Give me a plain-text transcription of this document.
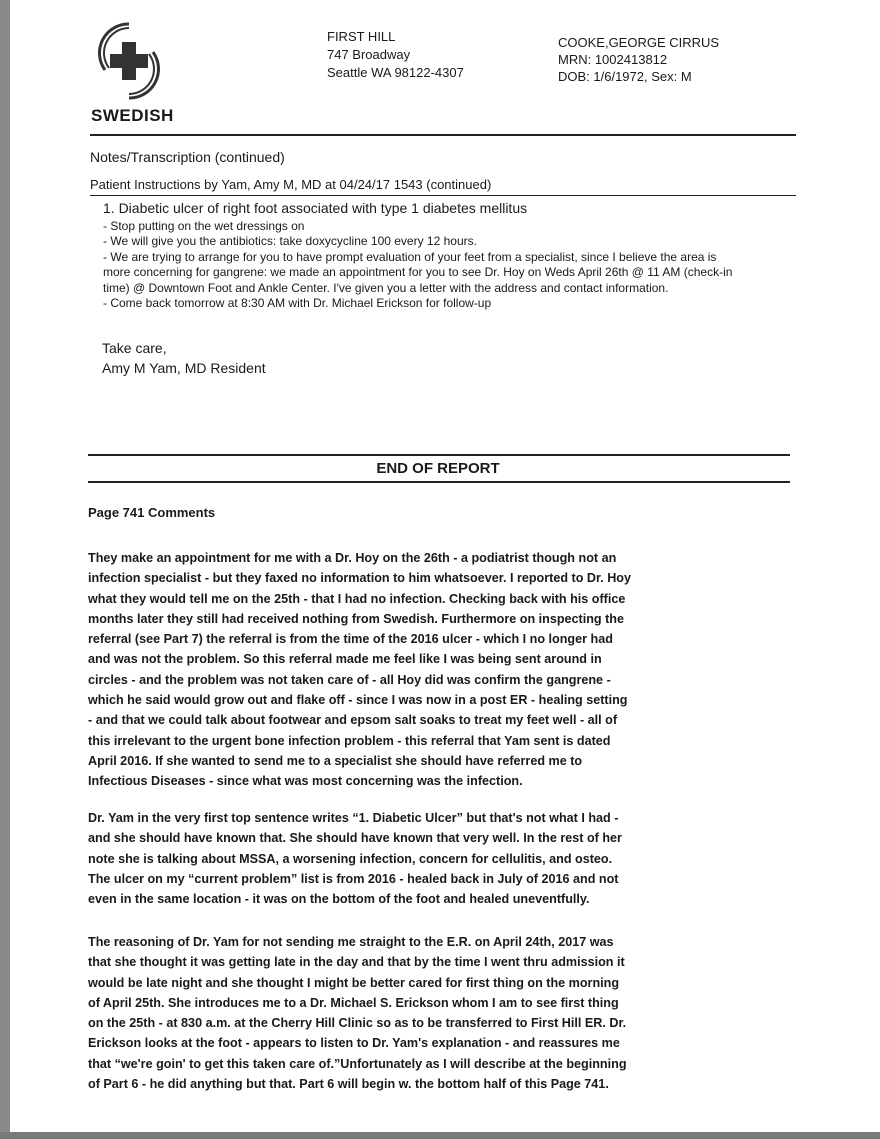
SWEDISH
FIRST HILL
747 Broadway
Seattle WA 98122-4307
COOKE,GEORGE CIRRUS
MRN: 1002413812
DOB: 1/6/1972, Sex: M
Notes/Transcription (continued)
Patient Instructions by Yam, Amy M, MD at 04/24/17 1543 (continued)
1. Diabetic ulcer of right foot associated with type 1 diabetes mellitus
- Stop putting on the wet dressings on
- We will give you the antibiotics: take doxycycline 100 every 12 hours.
- We are trying to arrange for you to have prompt evaluation of your feet from a specialist, since I believe the area is
more concerning for gangrene: we made an appointment for you to see Dr. Hoy on Weds April 26th @ 11 AM (check-in
time) @ Downtown Foot and Ankle Center. I've given you a letter with the address and contact information.
- Come back tomorrow at 8:30 AM with Dr. Michael Erickson for follow-up
Take care,
Amy M Yam, MD Resident
END OF REPORT
Page 741 Comments
They make an appointment for me with a Dr. Hoy on the 26th - a podiatrist though not an
infection specialist - but they faxed no information to him whatsoever. I reported to Dr. Hoy
what they would tell me on the 25th - that I had no infection. Checking back with his office
months later they still had received nothing from Swedish. Furthermore on inspecting the
referral (see Part 7) the referral is from the time of the 2016 ulcer - which I no longer had
and was not the problem. So this referral made me feel like I was being sent around in
circles - and the problem was not taken care of - all Hoy did was confirm the gangrene -
which he said would grow out and flake off - since I was now in a post ER - healing setting
- and that we could talk about footwear and epsom salt soaks to treat my feet well - all of
this irrelevant to the urgent bone infection problem - this referral that Yam sent is dated
April 2016. If she wanted to send me to a specialist she should have referred me to
Infectious Diseases - since what was most concerning was the infection.
Dr. Yam in the very first top sentence writes “1. Diabetic Ulcer” but that's not what I had -
and she should have known that. She should have known that very well. In the rest of her
note she is talking about MSSA, a worsening infection, concern for cellulitis, and osteo.
The ulcer on my “current problem” list is from 2016 - healed back in July of 2016 and not
even in the same location - it was on the bottom of the foot and healed uneventfully.
The reasoning of Dr. Yam for not sending me straight to the E.R. on April 24th, 2017 was
that she thought it was getting late in the day and that by the time I went thru admission it
would be late night and she thought I might be better cared for first thing on the morning
of April 25th. She introduces me to a Dr. Michael S. Erickson whom I am to see first thing
on the 25th - at 830 a.m. at the Cherry Hill Clinic so as to be transferred to First Hill ER. Dr.
Erickson looks at the foot - appears to listen to Dr. Yam's explanation - and reassures me
that “we're goin' to get this taken care of.”Unfortunately as I will describe at the beginning
of Part 6 - he did anything but that. Part 6 will begin w. the bottom half of this Page 741.
